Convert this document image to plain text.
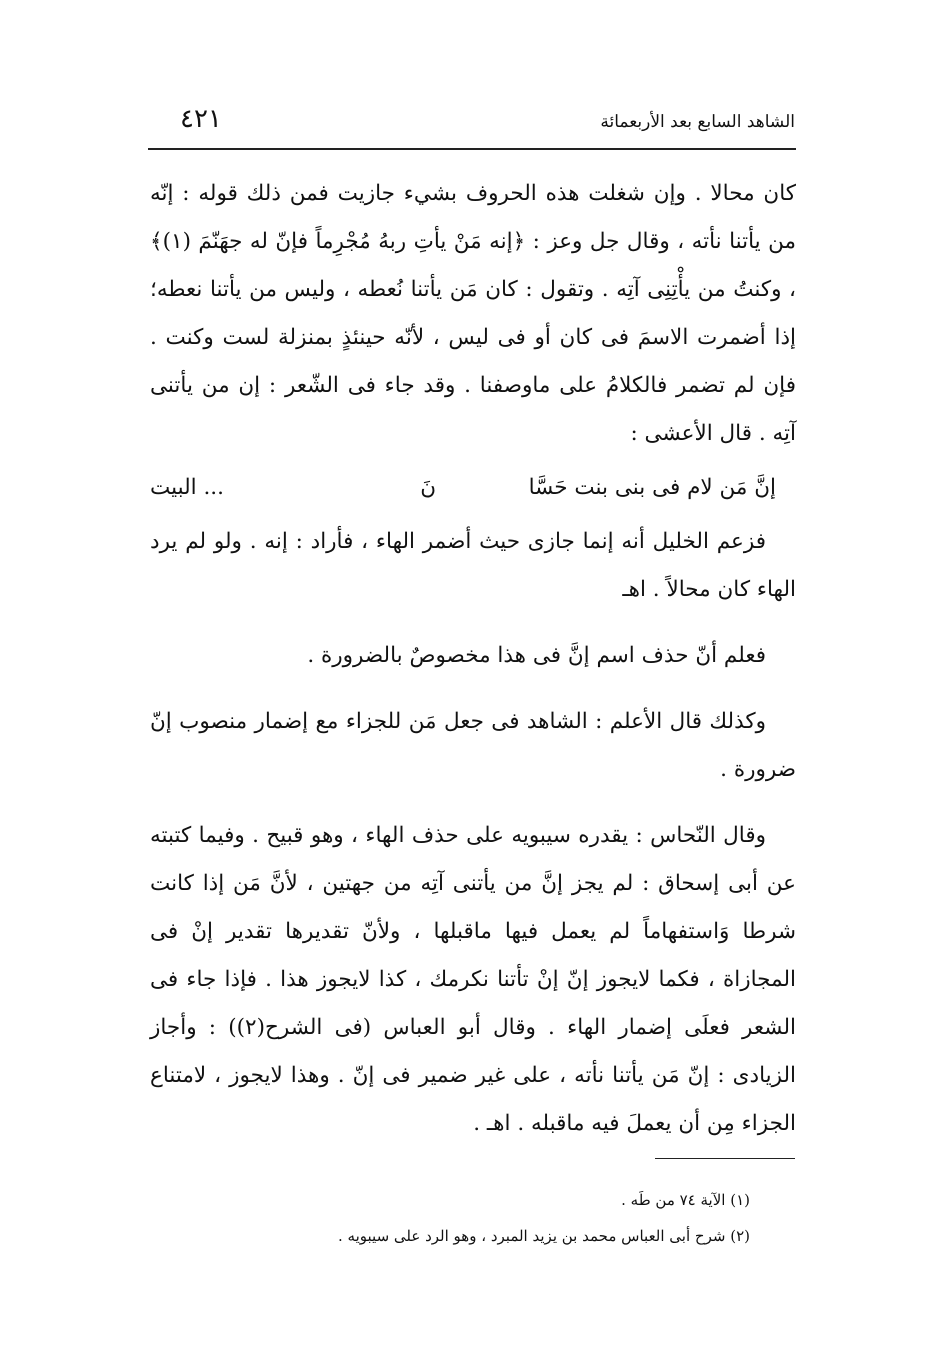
الشاهد السابع بعد الأربعمائة
٤٢١

كان محالا . وإن شغلت هذه الحروف بشيء جازيت فمن ذلك قوله : إنّه من يأتنا نأته ، وقال جل وعز : ﴿إنه مَنْ يأتِ ربهُ مُجْرِماً فإنّ له جهَنّمَ (١)﴾ ، وكنتُ من يأْتِنِى آتِه . وتقول : كان مَن يأتنا نُعطه ، وليس من يأتنا نعطه؛إذا أضمرت الاسمَ فى كان أو فى ليس ، لأنّه حينئذٍ بمنزلة لست وكنت . فإن لم تضمر فالكلامُ على ماوصفنا . وقد جاء فى الشّعر : إن من يأتنى آتِه . قال الأعشى :

إنَّ مَن لام فى بنى بنت حَسَّا
نَ
... البيت

فزعم الخليل أنه إنما جازى حيث أضمر الهاء ، فأراد : إنه . ولو لم يرد الهاء كان محالاً . اهـ

فعلم أنّ حذف اسم إنَّ فى هذا مخصوصٌ بالضرورة .

وكذلك قال الأعلم : الشاهد فى جعل مَن للجزاء مع إضمار منصوب إنّ ضرورة .

وقال النّحاس : يقدره سيبويه على حذف الهاء ، وهو قبيح . وفيما كتبته عن أبى إسحاق : لم يجز إنَّ من يأتنى آتِه من جهتين ، لأنَّ مَن إذا كانت شرطا وَاستفهاماً لم يعمل فيها ماقبلها ، ولأنّ تقديرها تقدير إنْ فى المجازاة ، فكما لايجوز إنّ إنْ تأتنا نكرمك ، كذا لايجوز هذا . فإذا جاء فى الشعر فعلَى إضمار الهاء . وقال أبو العباس (فى الشرح(٢)) : وأجاز الزيادى : إنّ مَن يأتنا نأته ، على غير ضمير فى إنّ . وهذا لايجوز ، لامتناع الجزاء مِن أن يعملَ فيه ماقبله . اهـ .

(١) الآية ٧٤ من طَه .

(٢) شرح أبى العباس محمد بن يزيد المبرد ، وهو الرد على سيبويه .
